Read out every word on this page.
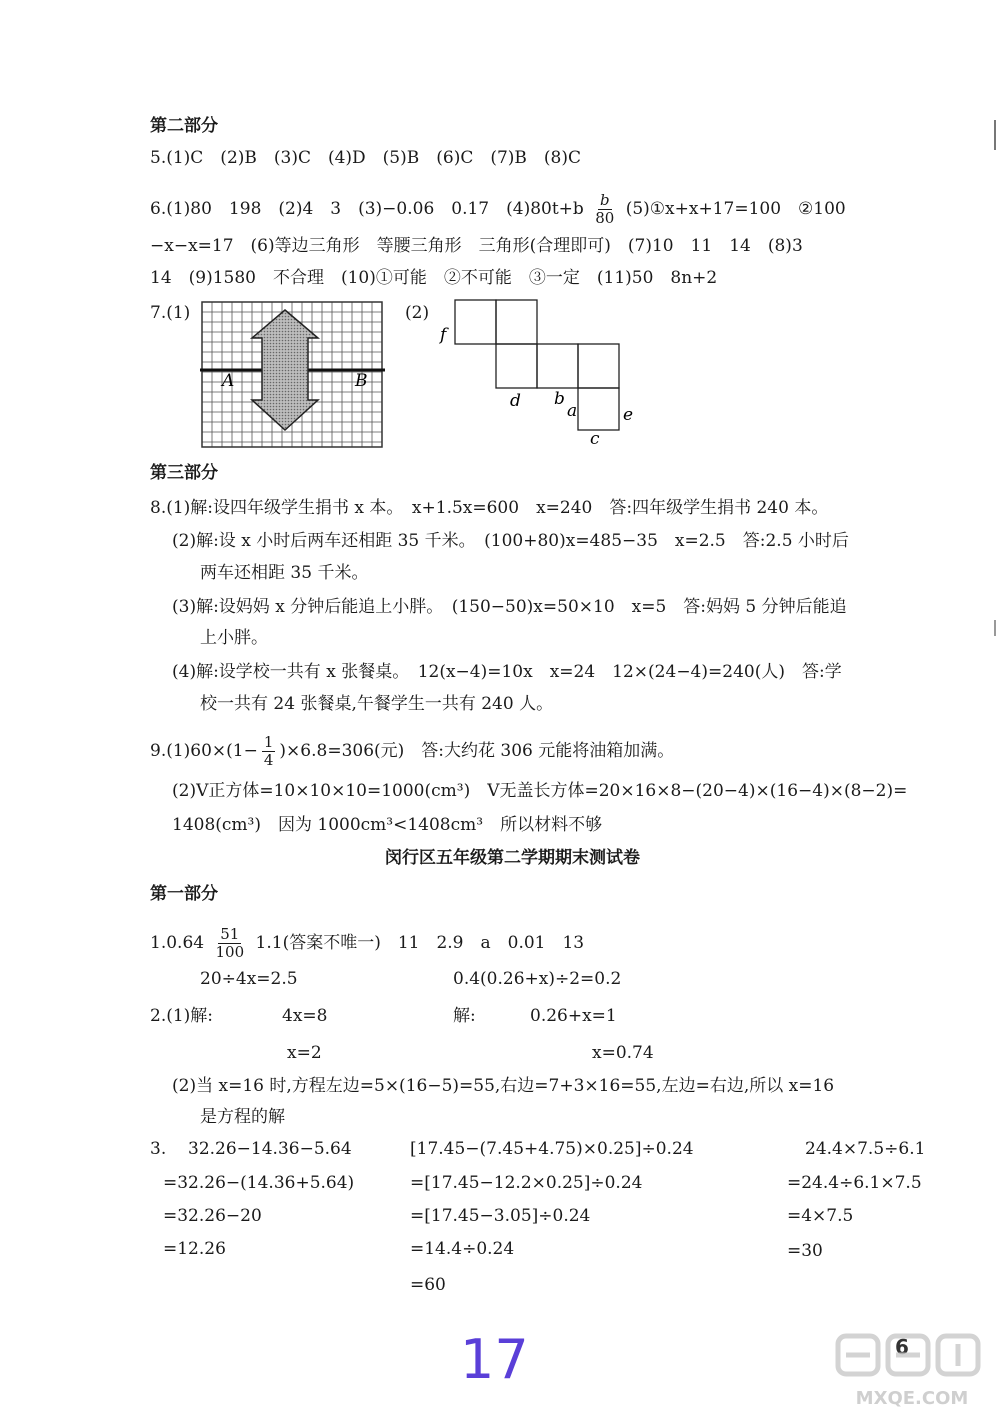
第二部分
5.(1)C　(2)B　(3)C　(4)D　(5)B　(6)C　(7)B　(8)C
6.(1)80　198　(2)4　3　(3)−0.06　0.17　$(4)80t+b \frac{b}{80}$ (5)①x+x+17=100　②100
−x−x=17　(6)等边三角形　等腰三角形　三角形(合理即可)　(7)10　11　14　(8)3
14　(9)1580　不合理　(10)①可能　②不可能　③一定　(11)50　8n+2
7.(1)	(2)
A	B
f
d b
a	e
c
第三部分
8.(1)解:设四年级学生捐书 x 本。　x+1.5x=600　x=240　答:四年级学生捐书 240 本。
(2)解:设 x 小时后两车还相距 35 千米。　(100+80)x=485−35　x=2.5　答:2.5 小时后
两车还相距 35 千米。
(3)解:设妈妈 x 分钟后能追上小胖。　(150−50)x=50×10　x=5　答:妈妈 5 分钟后能追
上小胖。
(4)解:设学校一共有 x 张餐桌。　12(x−4)=10x　x=24　12×(24−4)=240(人)　答:学
校一共有 24 张餐桌,午餐学生一共有 240 人。
$9.(1)60\times(1- \frac{1}{4} )\times 6.8=306$(元)　答:大约花 306 元能将油箱加满。
(2)V正方体=10×10×10=1000(cm³)　V无盖长方体=20×16×8−(20−4)×(16−4)×(8−2)=
1408(cm³)　因为 1000cm³<1408cm³　所以材料不够
闵行区五年级第二学期期末测试卷
第一部分
$1.0.64 \frac{51}{100} 1.1$(答案不唯一)　11　2.9　a　0.01　13
20÷4x=2.5	0.4(0.26+x)÷2=0.2
2.(1)解:	4x=8	解:	0.26+x=1
x=2	x=0.74
(2)当 x=16 时,方程左边=5×(16−5)=55,右边=7+3×16=55,左边=右边,所以 x=16
是方程的解
3. 32.26−14.36−5.64
=32.26−(14.36+5.64)
=32.26−20
=12.26
[17.45−(7.45+4.75)×0.25]÷0.24
=[17.45−12.2×0.25]÷0.24
=[17.45−3.05]÷0.24
=14.4÷0.24
=60
24.4×7.5÷6.1
=24.4÷6.1×7.5
=4×7.5
=30
17	6
MXQE.COM
